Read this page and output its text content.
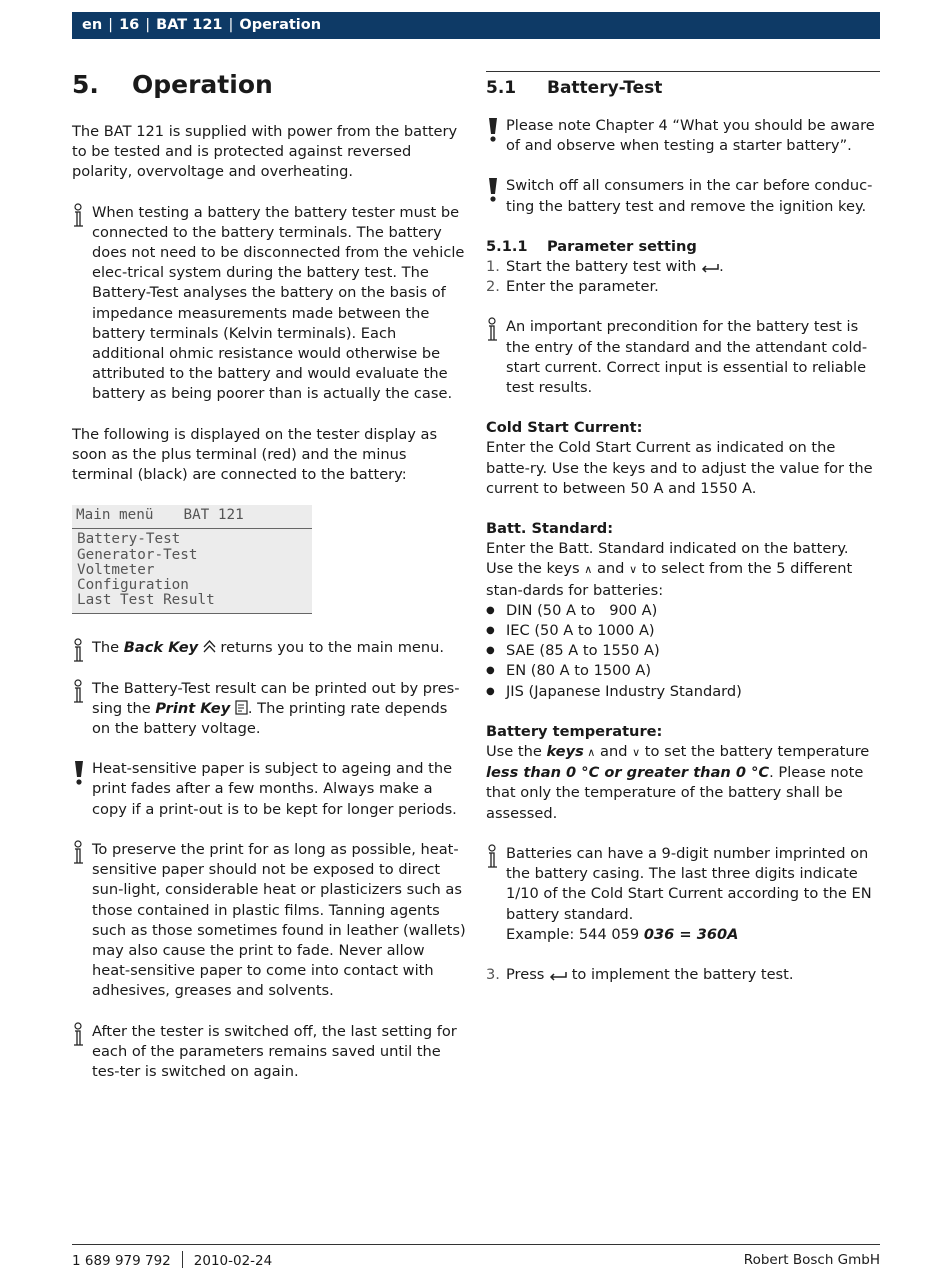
en | 16 | BAT 121 | Operation
5. Operation

The BAT 121 is supplied with power from the battery to be tested and is protected against reversed polarity, overvoltage and overheating.

When testing a battery the battery tester must be connected to the battery terminals. The battery does not need to be disconnected from the vehicle elec-trical system during the battery test. The Battery-Test analyses the battery on the basis of impedance measurements made between the battery terminals (Kelvin terminals). Each additional ohmic resistance would otherwise be attributed to the battery and would evaluate the battery as being poorer than is actually the case.

The following is displayed on the tester display as soon as the plus terminal (red) and the minus terminal (black) are connected to the battery:

Main menü BAT 121
Battery-Test
Generator-Test
Voltmeter
Configuration
Last Test Result
The Back Key  returns you to the main menu.
The Battery-Test result can be printed out by pres-sing the Print Key . The printing rate depends on the battery voltage.
Heat-sensitive paper is subject to ageing and the print fades after a few months. Always make a copy if a print-out is to be kept for longer periods.
To preserve the print for as long as possible, heat-sensitive paper should not be exposed to direct sun-light, considerable heat or plasticizers such as those contained in plastic films. Tanning agents such as those sometimes found in leather (wallets) may also cause the print to fade. Never allow heat-sensitive paper to come into contact with adhesives, greases and solvents.
After the tester is switched off, the last setting for each of the parameters remains saved until the tes-ter is switched on again.
5.1 Battery-Test
Please note Chapter 4 “What you should be aware of and observe when testing a starter battery”.
Switch off all consumers in the car before conduc-ting the battery test and remove the ignition key.
5.1.1 Parameter setting
1. Start the battery test with .
2. Enter the parameter.
An important precondition for the battery test is the entry of the standard and the attendant cold-start current. Correct input is essential to reliable test results.
Cold Start Current:

Enter the Cold Start Current as indicated on the batte-ry. Use the keys and to adjust the value for the current to between 50 A and 1550 A.

Batt. Standard:
Enter the Batt. Standard indicated on the battery. Use the keys ∧ and ∨ to select from the 5 different stan-dards for batteries:
● DIN (50 A to   900 A)
● IEC (50 A to 1000 A)
● SAE (85 A to 1550 A)
● EN (80 A to 1500 A)
● JIS (Japanese Industry Standard)
Battery temperature:

Use the keys ∧ and ∨ to set the battery temperature less than 0 °C or greater than 0 °C. Please note that only the temperature of the battery shall be assessed.

Batteries can have a 9-digit number imprinted on the battery casing. The last three digits indicate 1/10 of the Cold Start Current according to the EN battery standard.
Example: 544 059 036 = 360A
3. Press to implement the battery test.
1 689 979 792 2010-02-24	Robert Bosch GmbH
